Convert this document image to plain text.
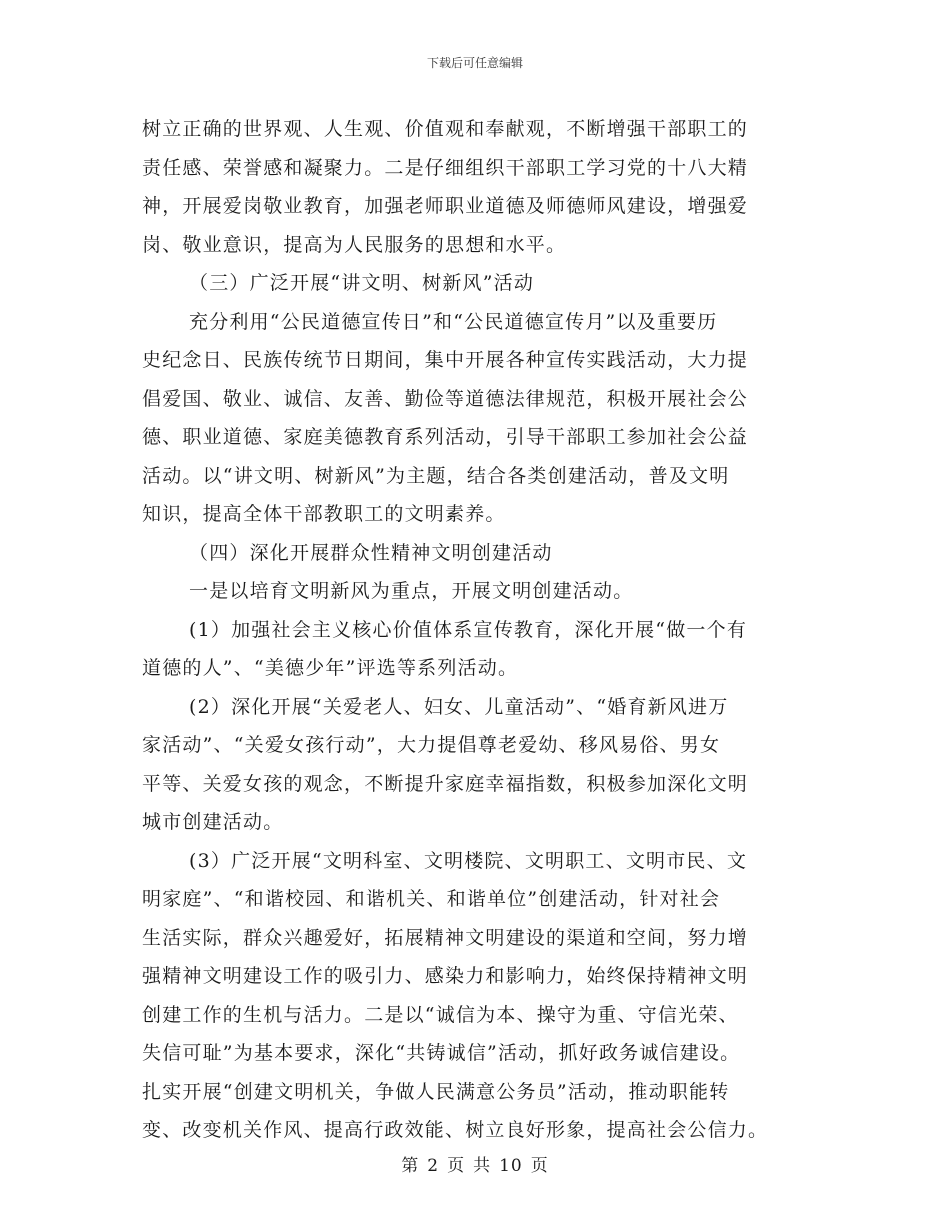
下载后可任意编辑
树立正确的世界观、人生观、价值观和奉献观，不断增强干部职工的
责任感、荣誉感和凝聚力。二是仔细组织干部职工学习党的十八大精
神，开展爱岗敬业教育，加强老师职业道德及师德师风建设，增强爱
岗、敬业意识，提高为人民服务的思想和水平。
（三）广泛开展“讲文明、树新风”活动
充分利用“公民道德宣传日”和“公民道德宣传月”以及重要历
史纪念日、民族传统节日期间，集中开展各种宣传实践活动，大力提
倡爱国、敬业、诚信、友善、勤俭等道德法律规范，积极开展社会公
德、职业道德、家庭美德教育系列活动，引导干部职工参加社会公益
活动。以“讲文明、树新风”为主题，结合各类创建活动，普及文明
知识，提高全体干部教职工的文明素养。
（四）深化开展群众性精神文明创建活动
一是以培育文明新风为重点，开展文明创建活动。
(1）加强社会主义核心价值体系宣传教育，深化开展“做一个有
道德的人”、“美德少年”评选等系列活动。
(2）深化开展“关爱老人、妇女、儿童活动”、“婚育新风进万
家活动”、“关爱女孩行动”，大力提倡尊老爱幼、移风易俗、男女
平等、关爱女孩的观念，不断提升家庭幸福指数，积极参加深化文明
城市创建活动。
(3）广泛开展“文明科室、文明楼院、文明职工、文明市民、文
明家庭”、“和谐校园、和谐机关、和谐单位”创建活动，针对社会
生活实际，群众兴趣爱好，拓展精神文明建设的渠道和空间，努力增
强精神文明建设工作的吸引力、感染力和影响力，始终保持精神文明
创建工作的生机与活力。二是以“诚信为本、操守为重、守信光荣、
失信可耻”为基本要求，深化“共铸诚信”活动，抓好政务诚信建设。
扎实开展“创建文明机关，争做人民满意公务员”活动，推动职能转
变、改变机关作风、提高行政效能、树立良好形象，提高社会公信力。
第 2 页 共 10 页
